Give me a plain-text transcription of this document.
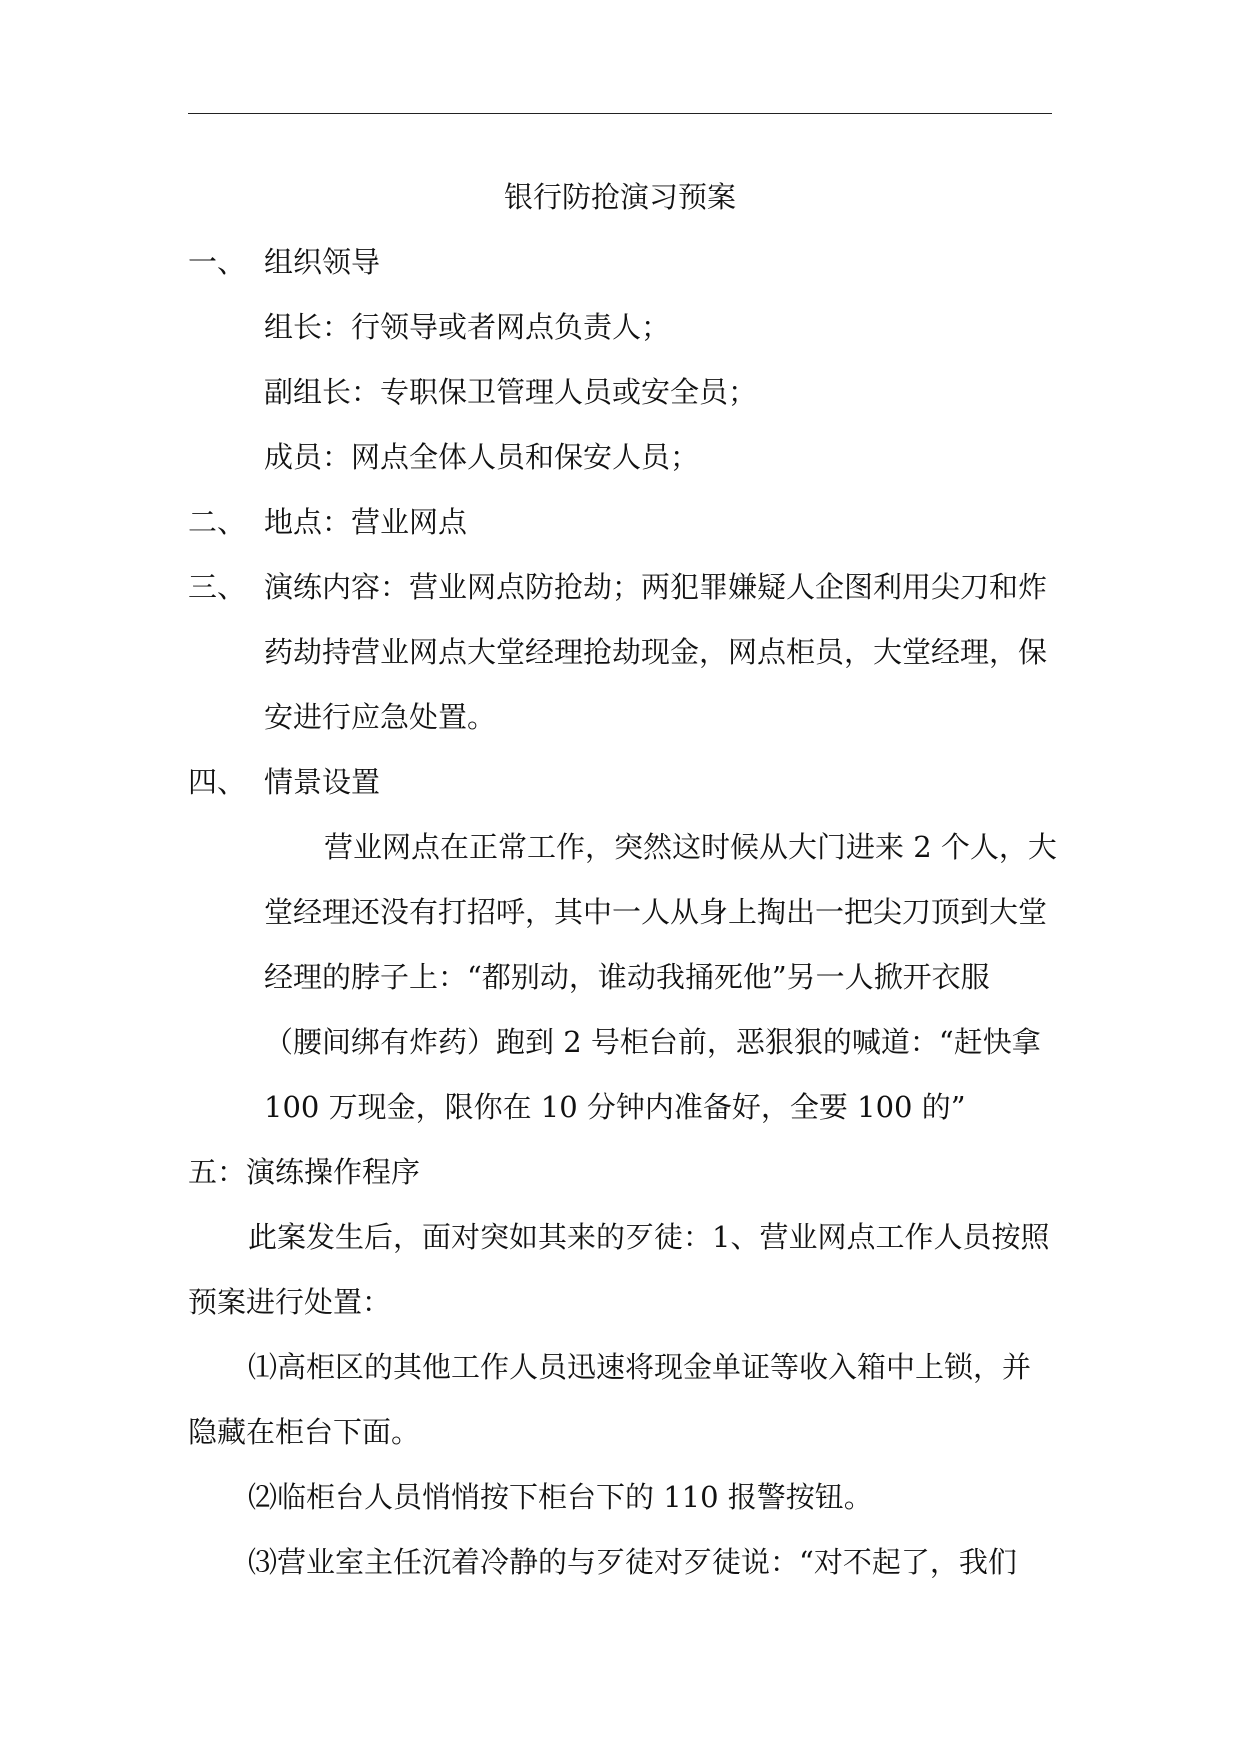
银行防抢演习预案
一、 组织领导
组长：行领导或者网点负责人；
副组长：专职保卫管理人员或安全员；
成员：网点全体人员和保安人员；
二、 地点：营业网点
三、 演练内容：营业网点防抢劫；两犯罪嫌疑人企图利用尖刀和炸
药劫持营业网点大堂经理抢劫现金，网点柜员，大堂经理，保
安进行应急处置。
四、 情景设置
营业网点在正常工作，突然这时候从大门进来 2 个人，大
堂经理还没有打招呼，其中一人从身上掏出一把尖刀顶到大堂
经理的脖子上：“都别动，谁动我捅死他”另一人掀开衣服
（腰间绑有炸药）跑到 2 号柜台前，恶狠狠的喊道：“赶快拿
100 万现金，限你在 10 分钟内准备好，全要 100 的”
五：演练操作程序
此案发生后，面对突如其来的歹徒：1、营业网点工作人员按照
预案进行处置：
⑴高柜区的其他工作人员迅速将现金单证等收入箱中上锁，并
隐藏在柜台下面。
⑵临柜台人员悄悄按下柜台下的 110 报警按钮。
⑶营业室主任沉着冷静的与歹徒对歹徒说：“对不起了，我们
